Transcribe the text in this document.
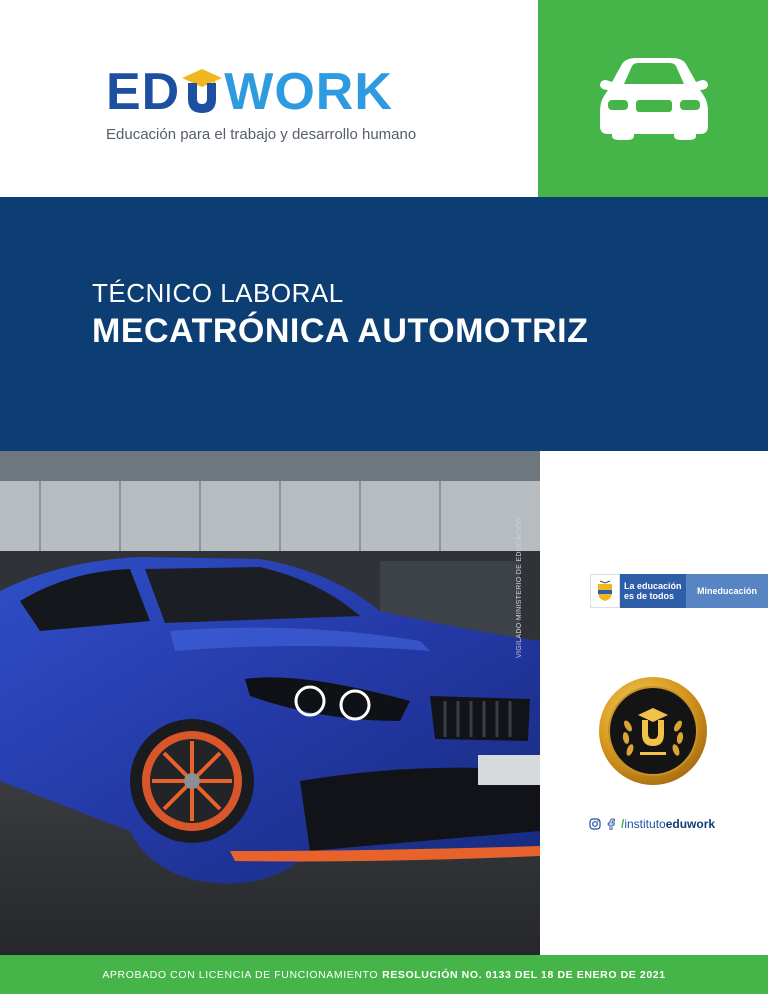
ED WORK
Educación para el trabajo y desarrollo humano
TÉCNICO LABORAL
MECATRÓNICA AUTOMOTRIZ
VIGILADO MINISTERIO DE EDUCACIÓN	La educación
es de todos	Mineducación
/institutoeduwork
APROBADO CON LICENCIA DE FUNCIONAMIENTO RESOLUCIÓN NO. 0133 DEL 18 DE ENERO DE 2021
